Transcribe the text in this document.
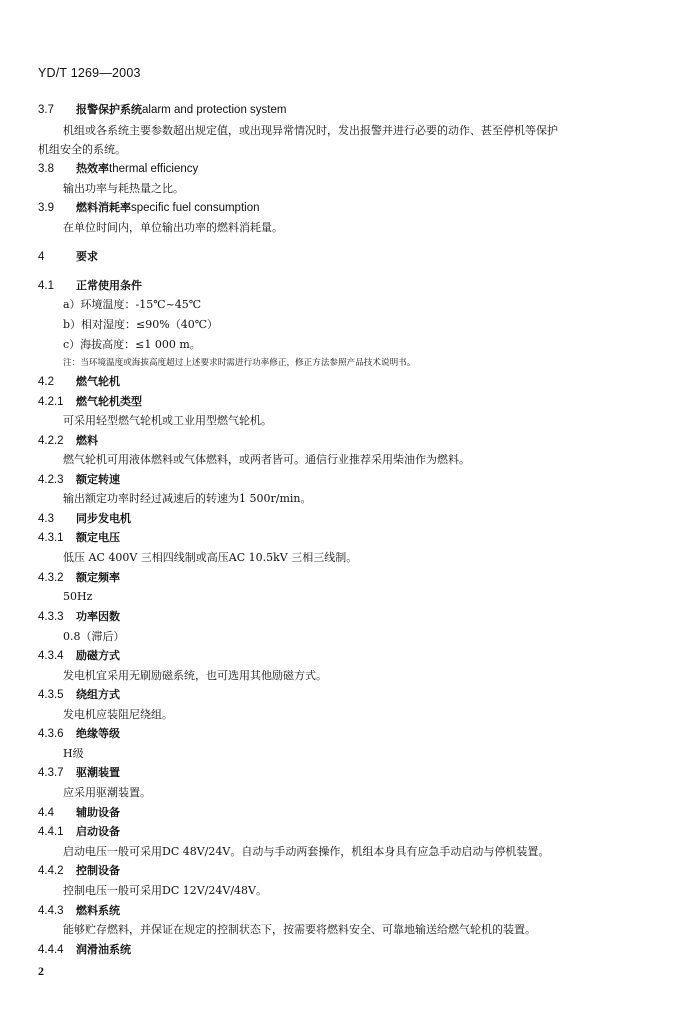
YD/T 1269—2003
3.7 报警保护系统alarm and protection system
机组或各系统主要参数超出规定值，或出现异常情况时，发出报警并进行必要的动作、甚至停机等保护
机组安全的系统。
3.8 热效率thermal efficiency
输出功率与耗热量之比。
3.9 燃料消耗率specific fuel consumption
在单位时间内，单位输出功率的燃料消耗量。
4	要求
4.1 正常使用条件
a）环境温度：-15℃~45℃
b）相对湿度：≤90%（40℃）
c）海拔高度：≤1 000 m。
注：当环境温度或海拔高度超过上述要求时需进行功率修正，修正方法参照产品技术说明书。
4.2 燃气轮机
4.2.1 燃气轮机类型
可采用轻型燃气轮机或工业用型燃气轮机。
4.2.2 燃料
燃气轮机可用液体燃料或气体燃料，或两者皆可。通信行业推荐采用柴油作为燃料。
4.2.3 额定转速
输出额定功率时经过减速后的转速为1 500r/min。
4.3 同步发电机
4.3.1 额定电压
低压 AC 400V 三相四线制或高压AC 10.5kV 三相三线制。
4.3.2 额定频率
50Hz
4.3.3 功率因数
0.8（滞后）
4.3.4 励磁方式
发电机宜采用无刷励磁系统，也可选用其他励磁方式。
4.3.5 绕组方式
发电机应装阻尼绕组。
4.3.6 绝缘等级
H级
4.3.7 驱潮装置
应采用驱潮装置。
4.4 辅助设备
4.4.1 启动设备
启动电压一般可采用DC 48V/24V。自动与手动两套操作，机组本身具有应急手动启动与停机装置。
4.4.2 控制设备
控制电压一般可采用DC 12V/24V/48V。
4.4.3 燃料系统
能够贮存燃料，并保证在规定的控制状态下，按需要将燃料安全、可靠地输送给燃气轮机的装置。
4.4.4 润滑油系统
2
